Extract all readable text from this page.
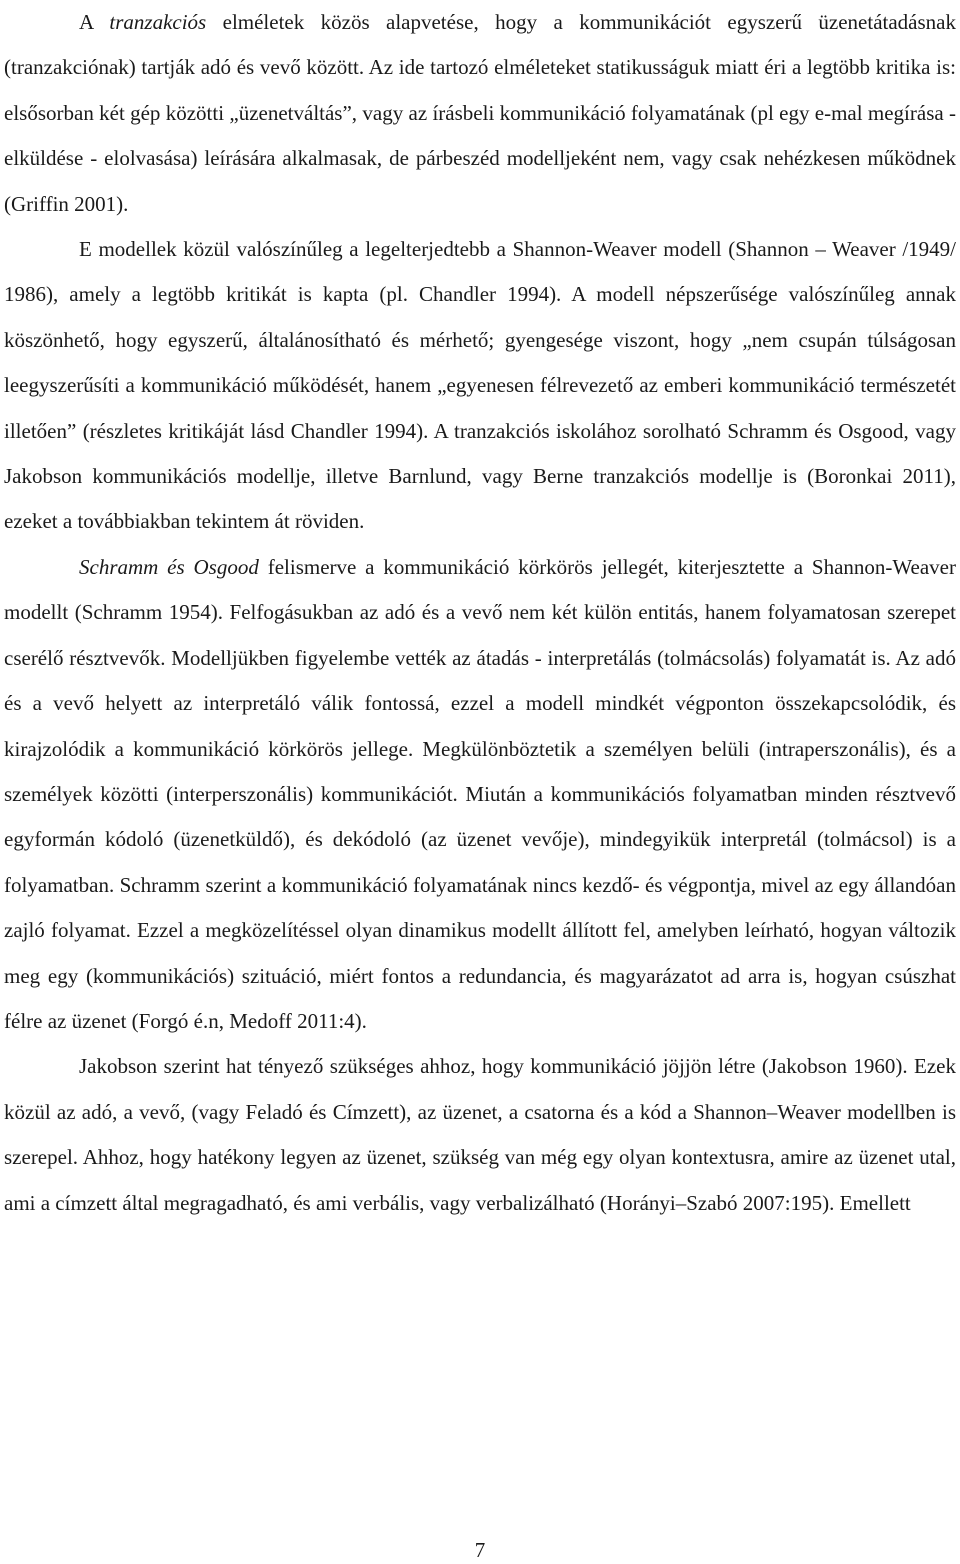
A tranzakciós elméletek közös alapvetése, hogy a kommunikációt egyszerű üzenetátadásnak (tranzakciónak) tartják adó és vevő között. Az ide tartozó elméleteket statikusságuk miatt éri a legtöbb kritika is: elsősorban két gép közötti „üzenetváltás”, vagy az írásbeli kommunikáció folyamatának (pl egy e-mal megírása - elküldése - elolvasása) leírására alkalmasak, de párbeszéd modelljeként nem, vagy csak nehézkesen működnek (Griffin 2001).

E modellek közül valószínűleg a legelterjedtebb a Shannon-Weaver modell (Shannon – Weaver /1949/ 1986), amely a legtöbb kritikát is kapta (pl. Chandler 1994). A modell népszerűsége valószínűleg annak köszönhető, hogy egyszerű, általánosítható és mérhető; gyengesége viszont, hogy „nem csupán túlságosan leegyszerűsíti a kommunikáció működését, hanem „egyenesen félrevezető az emberi kommunikáció természetét illetően” (részletes kritikáját lásd Chandler 1994). A tranzakciós iskolához sorolható Schramm és Osgood, vagy Jakobson kommunikációs modellje, illetve Barnlund, vagy Berne tranzakciós modellje is (Boronkai 2011), ezeket a továbbiakban tekintem át röviden.

Schramm és Osgood felismerve a kommunikáció körkörös jellegét, kiterjesztette a Shannon-Weaver modellt (Schramm 1954). Felfogásukban az adó és a vevő nem két külön entitás, hanem folyamatosan szerepet cserélő résztvevők. Modelljükben figyelembe vették az átadás - interpretálás (tolmácsolás) folyamatát is. Az adó és a vevő helyett az interpretáló válik fontossá, ezzel a modell mindkét végponton összekapcsolódik, és kirajzolódik a kommunikáció körkörös jellege. Megkülönböztetik a személyen belüli (intraperszonális), és a személyek közötti (interperszonális) kommunikációt. Miután a kommunikációs folyamatban minden résztvevő egyformán kódoló (üzenetküldő), és dekódoló (az üzenet vevője), mindegyikük interpretál (tolmácsol) is a folyamatban. Schramm szerint a kommunikáció folyamatának nincs kezdő- és végpontja, mivel az egy állandóan zajló folyamat. Ezzel a megközelítéssel olyan dinamikus modellt állított fel, amelyben leírható, hogyan változik meg egy (kommunikációs) szituáció, miért fontos a redundancia, és magyarázatot ad arra is, hogyan csúszhat félre az üzenet (Forgó é.n, Medoff 2011:4).

Jakobson szerint hat tényező szükséges ahhoz, hogy kommunikáció jöjjön létre (Jakobson 1960). Ezek közül az adó, a vevő, (vagy Feladó és Címzett), az üzenet, a csatorna és a kód a Shannon–Weaver modellben is szerepel. Ahhoz, hogy hatékony legyen az üzenet, szükség van még egy olyan kontextusra, amire az üzenet utal, ami a címzett által megragadható, és ami verbális, vagy verbalizálható (Horányi–Szabó 2007:195). Emellett

7
